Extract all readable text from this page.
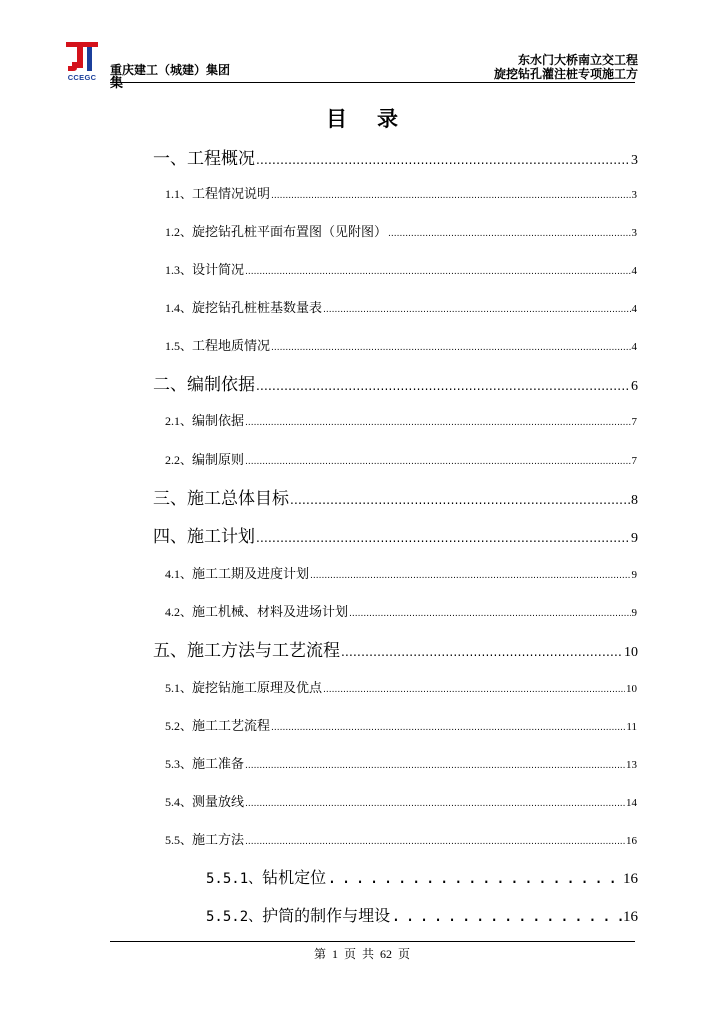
CCEGC
重庆建工（城建）集团
集
东水门大桥南立交工程
旋挖钻孔灌注桩专项施工方
目录
一、工程概况 .....	3
1.1、 工程情况说明 .....	3
1.2、 旋挖钻孔桩平面布置图（见附图） .....	3
1.3、 设计简况 .....	4
1.4、 旋挖钻孔桩桩基数量表 .....	4
1.5、 工程地质情况 .....	4
二、编制依据 .....	6
2.1、 编制依据 .....	7
2.2、 编制原则 .....	7
三、施工总体目标 .....	8
四、施工计划 .....	9
4.1、 施工工期及进度计划 .....	9
4.2、 施工机械、材料及进场计划 .....	9
五、施工方法与工艺流程 .....	10
5.1、 旋挖钻施工原理及优点 .....	10
5.2、 施工工艺流程 .....	11
5.3、 施工准备 .....	13
5.4、 测量放线 .....	14
5.5、 施工方法 .....	16
5.5.1、 钻机定位 .....	16
5.5.2、 护筒的制作与埋设 .....	16
第 1 页 共 62 页
